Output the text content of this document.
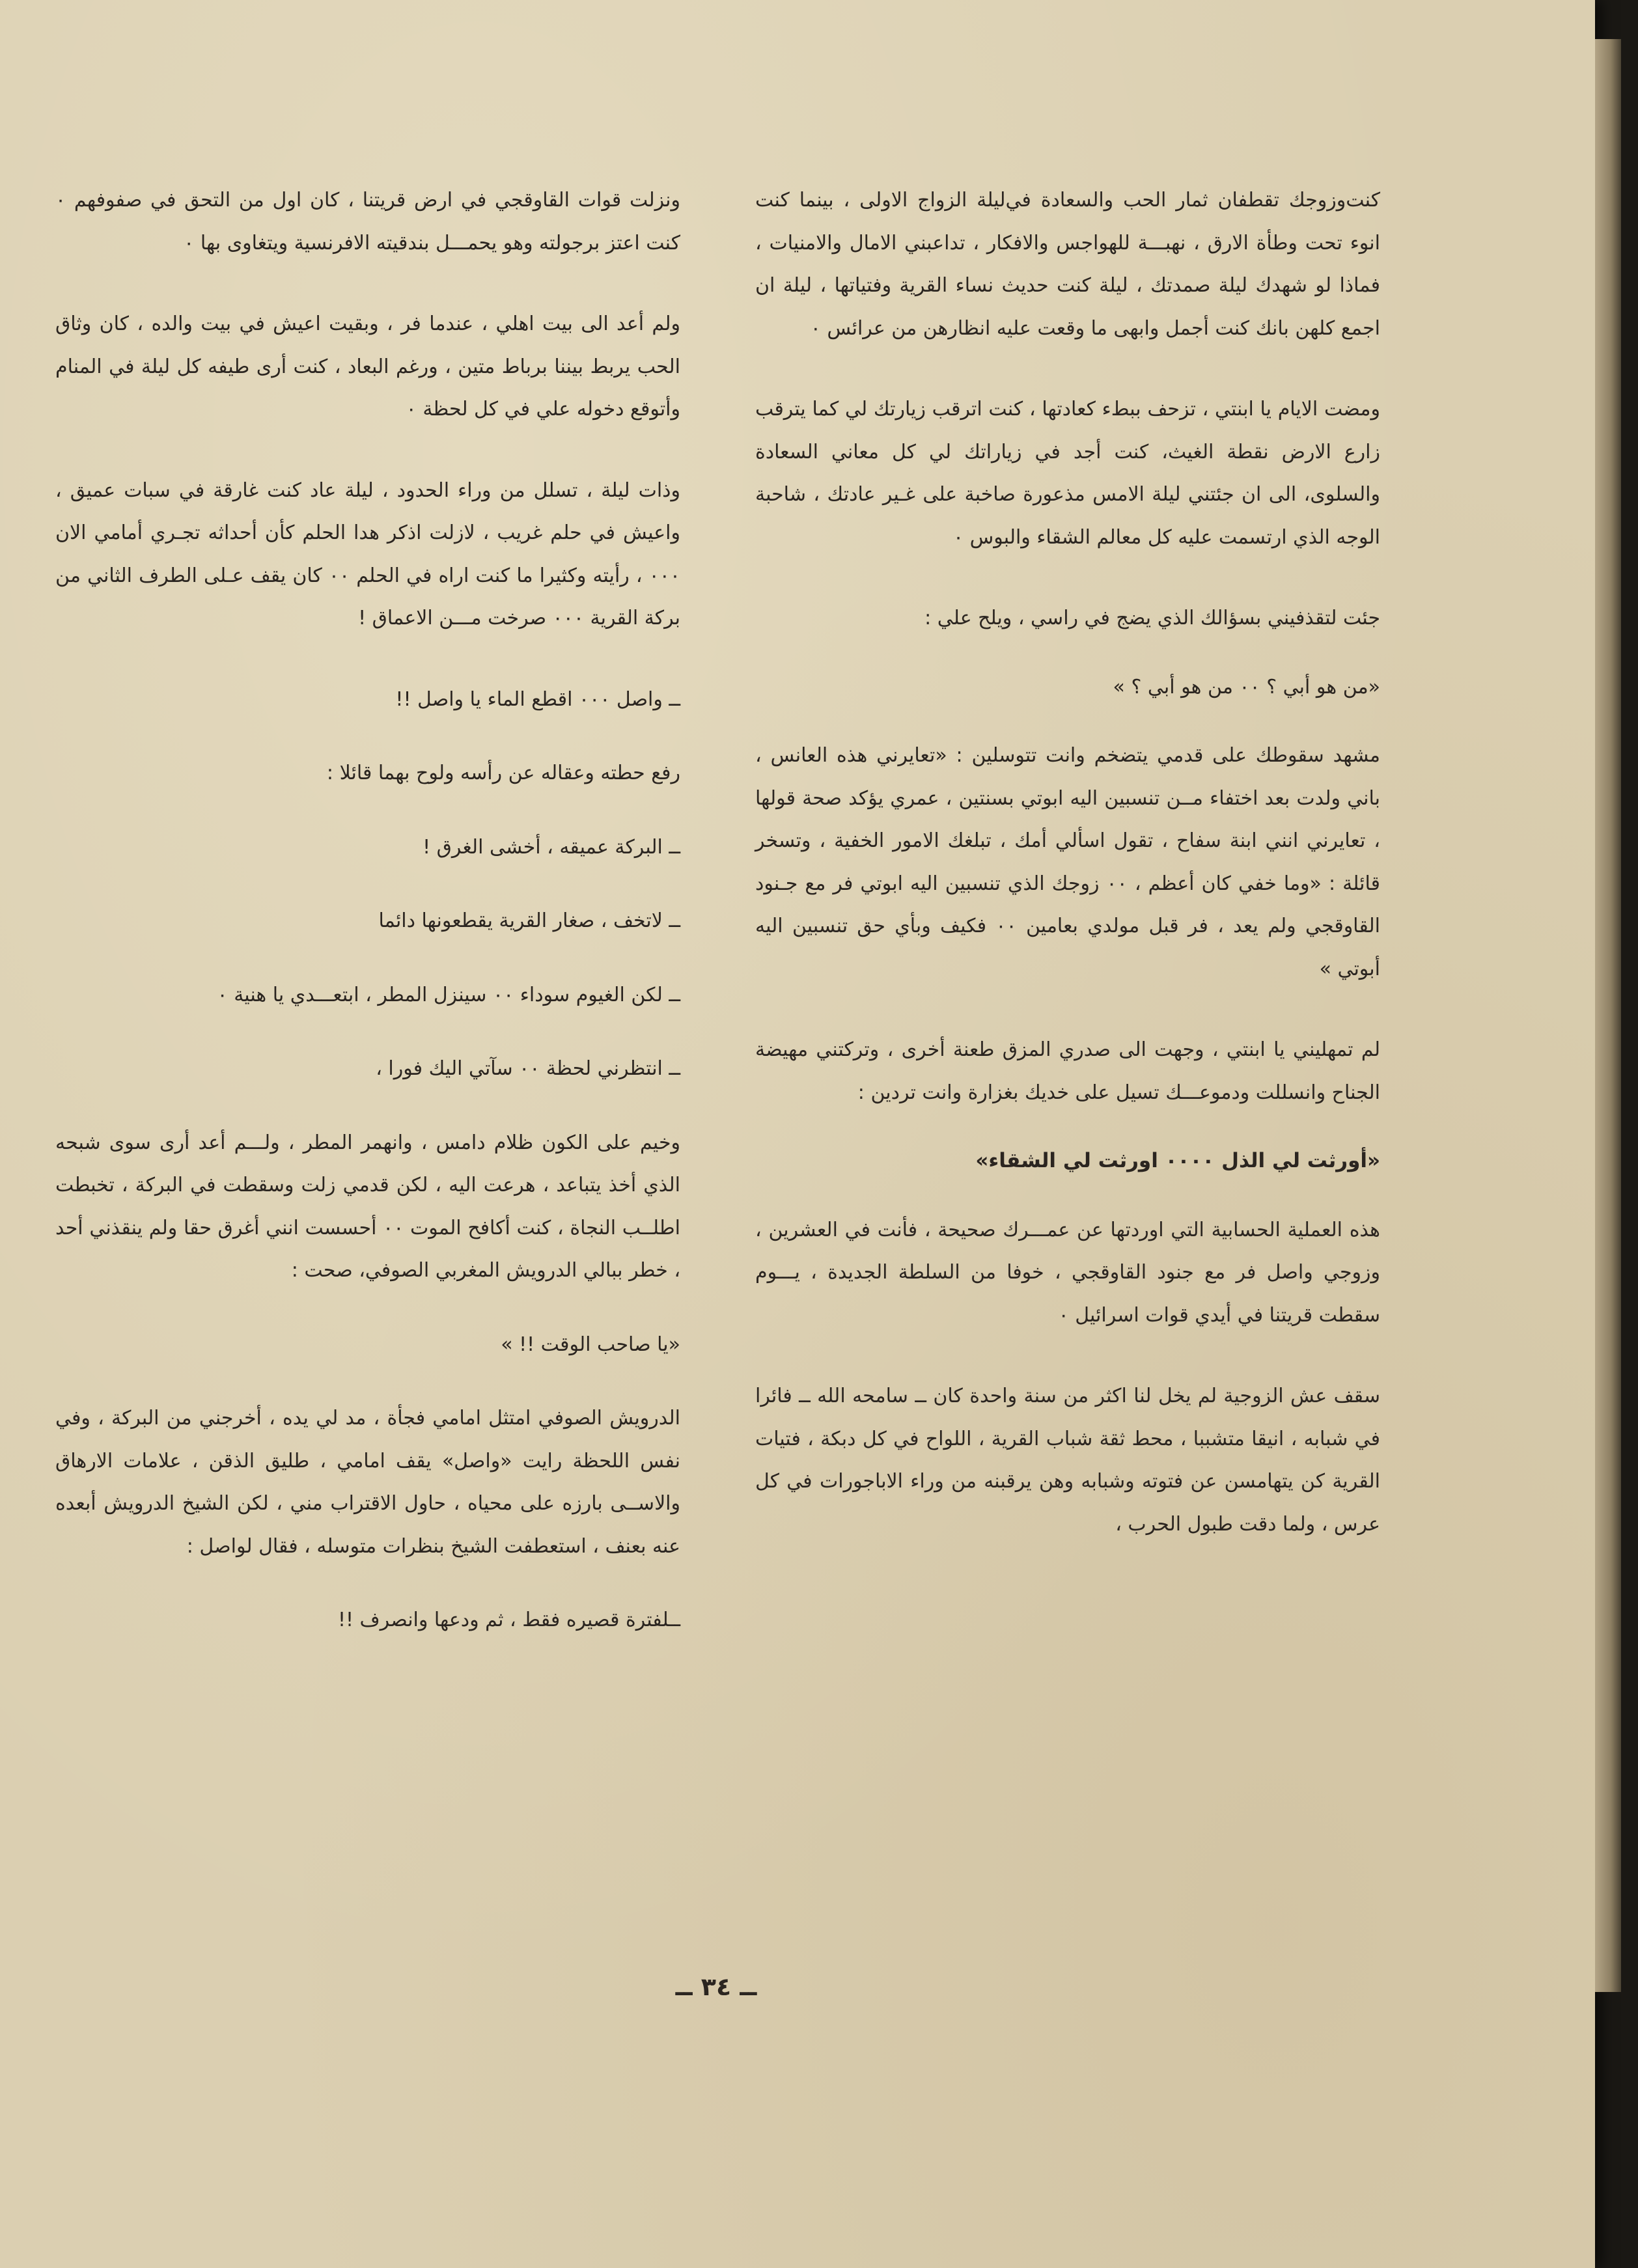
كنت‌وزوجك تقطفان ثمار الحب والسعادة في‌ليلة الزواج الاولى ، بينما كنت انوء تحت وطأة الارق ، نهبـــة للهواجس والافكار ، تداعبني الامال والامنيات ، فماذا لو شهدك ليلة صمدتك ، ليلة كنت حديث نساء القرية وفتياتها ، ليلة ان اجمع كلهن بانك كنت أجمل وابهى ما وقعت عليه انظارهن من عرائس ٠

ومضت الايام يا ابنتي ، تزحف ببطء كعادتها ، كنت اترقب زيارتك لي كما يترقب زارع الارض نقطة الغيث، كنت أجد في زياراتك لي كل معاني السعادة والسلوى، الى ان جئتني ليلة الامس مذعورة صاخبة على غـير عادتك ، شاحبة الوجه الذي ارتسمت عليه كل معالم الشقاء والبوس ٠

جئت لتقذفيني بسؤالك الذي يضج في راسي ، ويلح علي :

«من هو أبي ؟ ٠٠ من هو أبي ؟ »

مشهد سقوطك على قدمي يتضخم وانت تتوسلين : «تعايرني هذه العانس ، باني ولدت بعد اختفاء مــن تنسبين اليه ابوتي بسنتين ، عمري يؤكد صحة قولها ، تعايرني انني ابنة سفاح ، تقول اسألي أمك ، تبلغك الامور الخفية ، وتسخر قائلة : «وما خفي كان أعظم ، ٠٠ زوجك الذي تنسبين اليه ابوتي فر مع جـنود القاوقجي ولم يعد ، فر قبل مولدي بعامين ٠٠ فكيف وبأي حق تنسبين اليه أبوتي »

لم تمهليني يا ابنتي ، وجهت الى صدري المزق طعنة أخرى ، وتركتني مهيضة الجناح وانسللت ودموعـــك تسيل على خديك بغزارة وانت تردين :

«أورثت لي الذل ٠٠٠٠ اورثت لي الشقاء»

هذه العملية الحسابية التي اوردتها عن عمـــرك صحيحة ، فأنت في العشرين ، وزوجي واصل فر مع جنود القاوقجي ، خوفا من السلطة الجديدة ، يـــوم سقطت قريتنا في أيدي قوات اسرائيل ٠

سقف عش الزوجية لم يخل لنا اكثر من سنة واحدة كان ــ سامحه الله ــ فائرا في شبابه ، انيقا متشببا ، محط ثقة شباب القرية ، اللواح في كل دبكة ، فتيات القرية كن يتهامسن عن فتوته وشبابه وهن يرقبنه من وراء الاباجورات في كل عرس ، ولما دقت طبول الحرب ،

ونزلت قوات القاوقجي في ارض قريتنا ، كان اول من التحق في صفوفهم ٠ كنت اعتز برجولته وهو يحمـــل بندقيته الافرنسية ويتغاوى بها ٠

ولم أعد الى بيت اهلي ، عندما فر ، وبقيت اعيش في بيت والده ، كان وثاق الحب يربط بيننا برباط متين ، ورغم البعاد ، كنت أرى طيفه كل ليلة في المنام وأتوقع دخوله علي في كل لحظة ٠

وذات ليلة ، تسلل من وراء الحدود ، ليلة عاد كنت غارقة في سبات عميق ، واعيش في حلم غريب ، لازلت اذكر هدا الحلم كأن أحداثه تجـري أمامي الان ٠٠٠ ، رأيته وكثيرا ما كنت اراه في الحلم ٠٠ كان يقف عـلى الطرف الثاني من بركة القرية ٠٠٠ صرخت مـــن الاعماق !

ــ واصل ٠٠٠ اقطع الماء يا واصل !!

رفع حطته وعقاله عن رأسه ولوح بهما قائلا :

ــ البركة عميقه ، أخشى الغرق !

ــ لاتخف ، صغار القرية يقطعونها دائما

ــ لكن الغيوم سوداء ٠٠ سينزل المطر ، ابتعـــدي يا هنية ٠

ــ انتظرني لحظة ٠٠ سآتي اليك فورا ،

وخيم على الكون ظلام دامس ، وانهمر المطر ، ولـــم أعد أرى سوى شبحه الذي أخذ يتباعد ، هرعت اليه ، لكن قدمي زلت وسقطت في البركة ، تخبطت اطلــب النجاة ، كنت أكافح الموت ٠٠ أحسست انني أغرق حقا ولم ينقذني أحد ، خطر ببالي الدرويش المغربي الصوفي، صحت :

«يا صاحب الوقت !! »

الدرويش الصوفي امتثل امامي فجأة ، مد لي يده ، أخرجني من البركة ، وفي نفس اللحظة رايت «واصل» يقف امامي ، طليق الذقن ، علامات الارهاق والاســى بارزه على محياه ، حاول الاقتراب مني ، لكن الشيخ الدرويش أبعده عنه بعنف ، استعطفت الشيخ بنظرات متوسله ، فقال لواصل :

ــلفترة قصيره فقط ، ثم ودعها وانصرف !!

ــ ٣٤ ــ
